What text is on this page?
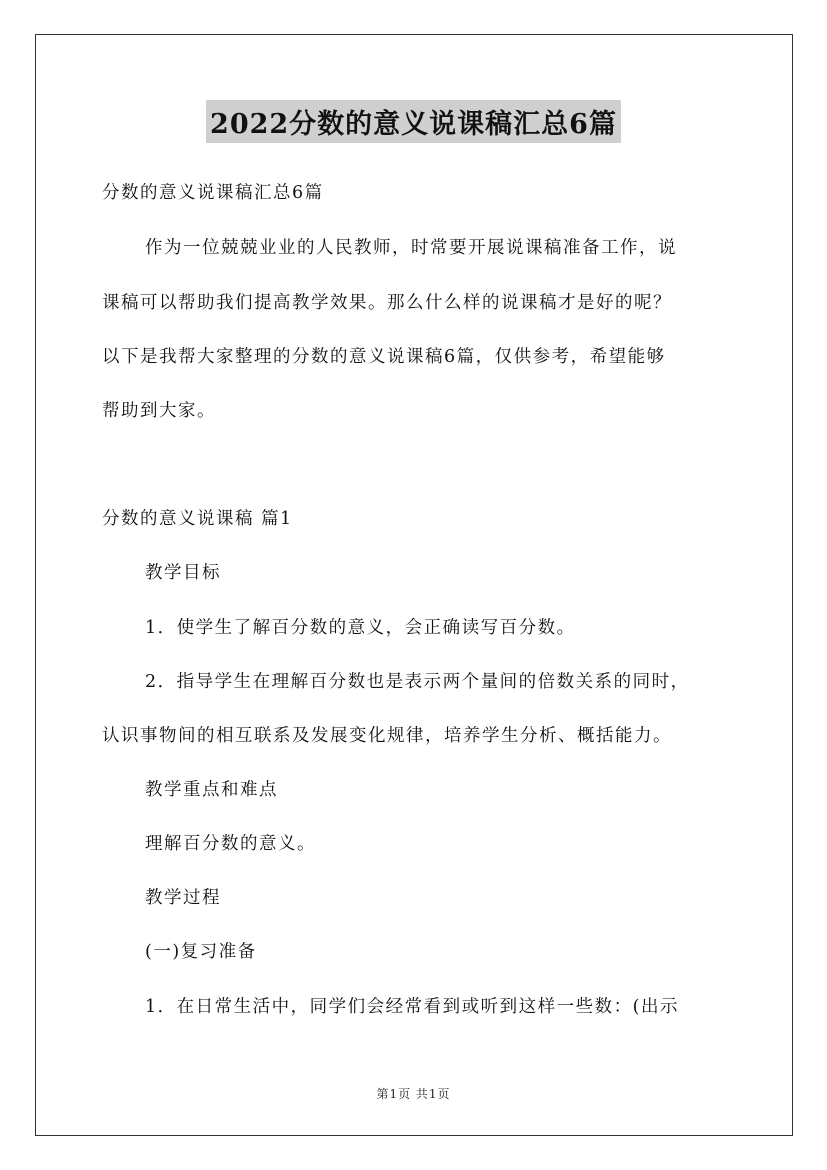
2022分数的意义说课稿汇总6篇
分数的意义说课稿汇总6篇
作为一位兢兢业业的人民教师，时常要开展说课稿准备工作，说
课稿可以帮助我们提高教学效果。那么什么样的说课稿才是好的呢？
以下是我帮大家整理的分数的意义说课稿6篇，仅供参考，希望能够
帮助到大家。
分数的意义说课稿 篇1
教学目标
1．使学生了解百分数的意义，会正确读写百分数。
2．指导学生在理解百分数也是表示两个量间的倍数关系的同时，
认识事物间的相互联系及发展变化规律，培养学生分析、概括能力。
教学重点和难点
理解百分数的意义。
教学过程
(一)复习准备
1．在日常生活中，同学们会经常看到或听到这样一些数：(出示
第1页 共1页
